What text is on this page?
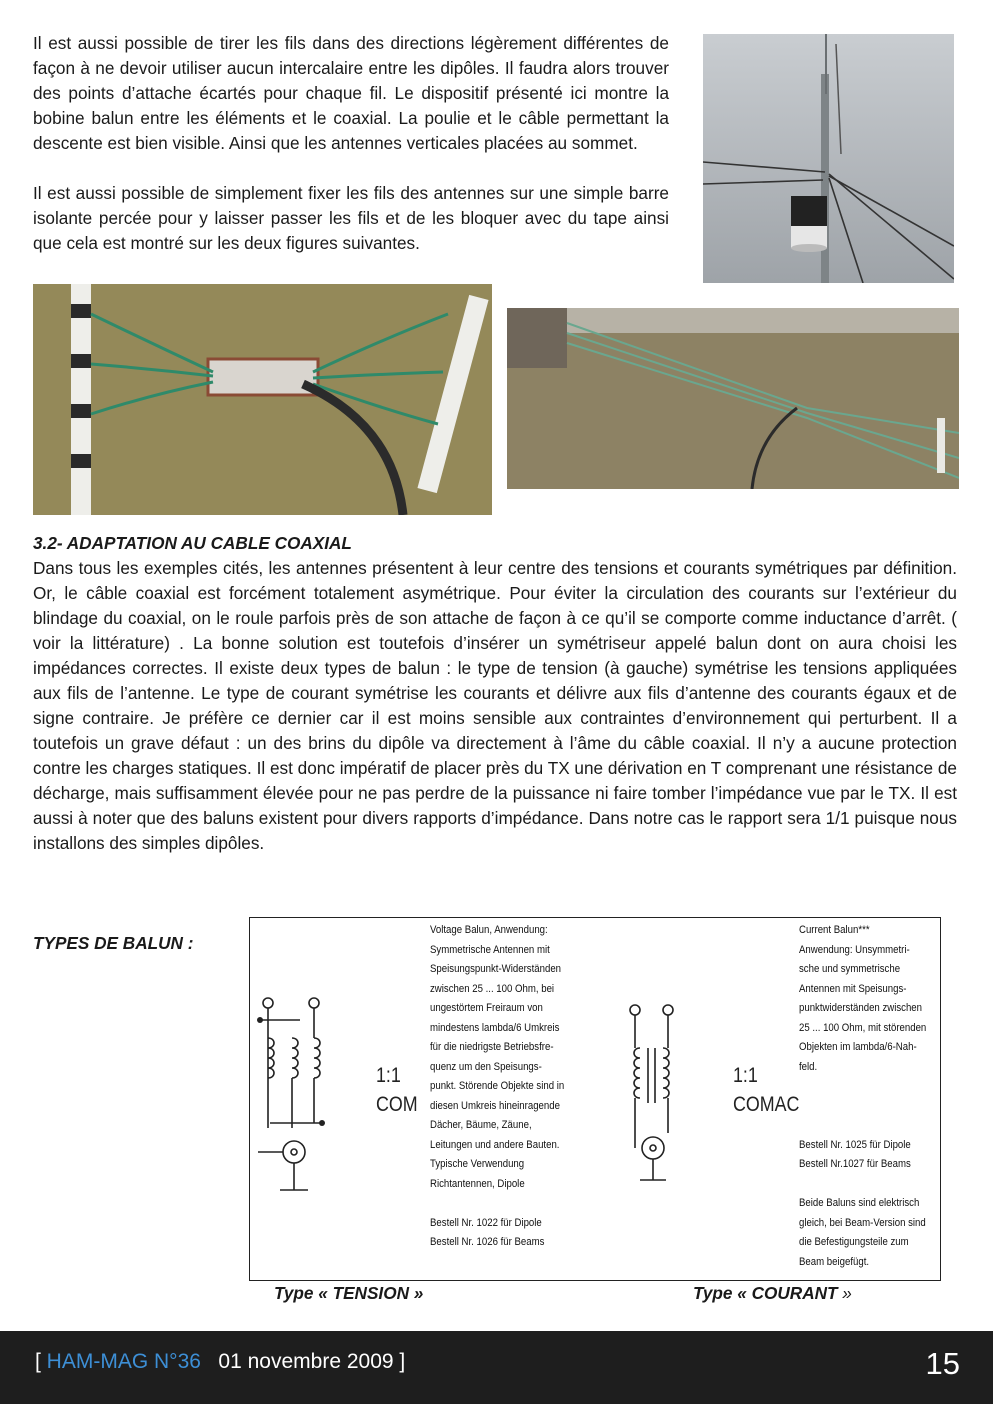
Il est aussi possible de tirer les fils dans des directions légèrement différentes de façon à ne devoir utiliser aucun intercalaire entre les dipôles. Il faudra alors trouver des points d’attache écartés pour chaque fil. Le dispositif présenté ici montre la bobine balun entre les éléments et le coaxial. La poulie et le câble permettant la descente est bien visible. Ainsi que les antennes verticales placées au sommet.

Il est aussi possible de simplement fixer les fils des antennes sur une simple barre isolante percée pour y laisser passer les fils et de les bloquer avec du tape ainsi que cela est montré sur les deux figures suivantes.

3.2- ADAPTATION AU CABLE COAXIAL

Dans tous les exemples cités, les antennes présentent à leur centre des tensions et courants symétriques par définition. Or, le câble coaxial est forcément totalement asymétrique. Pour éviter la circulation des courants sur l’extérieur du blindage du coaxial, on le roule parfois près de son attache de façon à ce qu’il se comporte comme inductance d’arrêt. ( voir la littérature) . La bonne solution est toutefois d’insérer un symétriseur appelé balun dont on aura choisi les impédances correctes. Il existe deux types de balun : le type de tension (à gauche) symétrise les tensions appliquées aux fils de l’antenne. Le type de courant symétrise les courants et délivre aux fils d’antenne des courants égaux et de signe contraire. Je préfère ce dernier car il est moins sensible aux contraintes d’environnement qui perturbent. Il a toutefois un grave défaut : un des brins du dipôle va directement à l’âme du câble coaxial. Il n’y a aucune protection contre les charges statiques. Il est donc impératif de placer près du TX une dérivation en T comprenant une résistance de décharge, mais suffisamment élevée pour ne pas perdre de la puissance ni faire tomber l’impédance vue par le TX. Il est aussi à noter que des baluns existent pour divers rapports d’impédance. Dans notre cas le rapport sera 1/1 puisque nous installons des simples dipôles.

TYPES DE BALUN :

1:1
COM
Voltage Balun, Anwendung:
Symmetrische Antennen mit
Speisungspunkt-Widerständen
zwischen 25 ... 100 Ohm, bei
ungestörtem Freiraum von
mindestens lambda/6 Umkreis
für die niedrigste Betriebsfre-
quenz um den Speisungs-
punkt. Störende Objekte sind in
diesen Umkreis hineinragende
Dächer, Bäume, Zäune,
Leitungen und andere Bauten.
Typische Verwendung
Richtantennen, Dipole

Bestell Nr. 1022 für Dipole
Bestell Nr. 1026 für Beams
1:1
COMAC
Current Balun***
Anwendung: Unsymmetri-
sche und symmetrische
Antennen mit Speisungs-
punktwiderständen zwischen
25 ... 100 Ohm, mit störenden
Objekten im lambda/6-Nah-
feld.

Bestell Nr. 1025 für Dipole
Bestell Nr.1027 für Beams

Beide Baluns sind elektrisch
gleich, bei Beam-Version sind
die Befestigungsteile zum
Beam beigefügt.

Type « TENSION »	Type « COURANT »

[ HAM-MAG N°36   01 novembre 2009 ]	15
